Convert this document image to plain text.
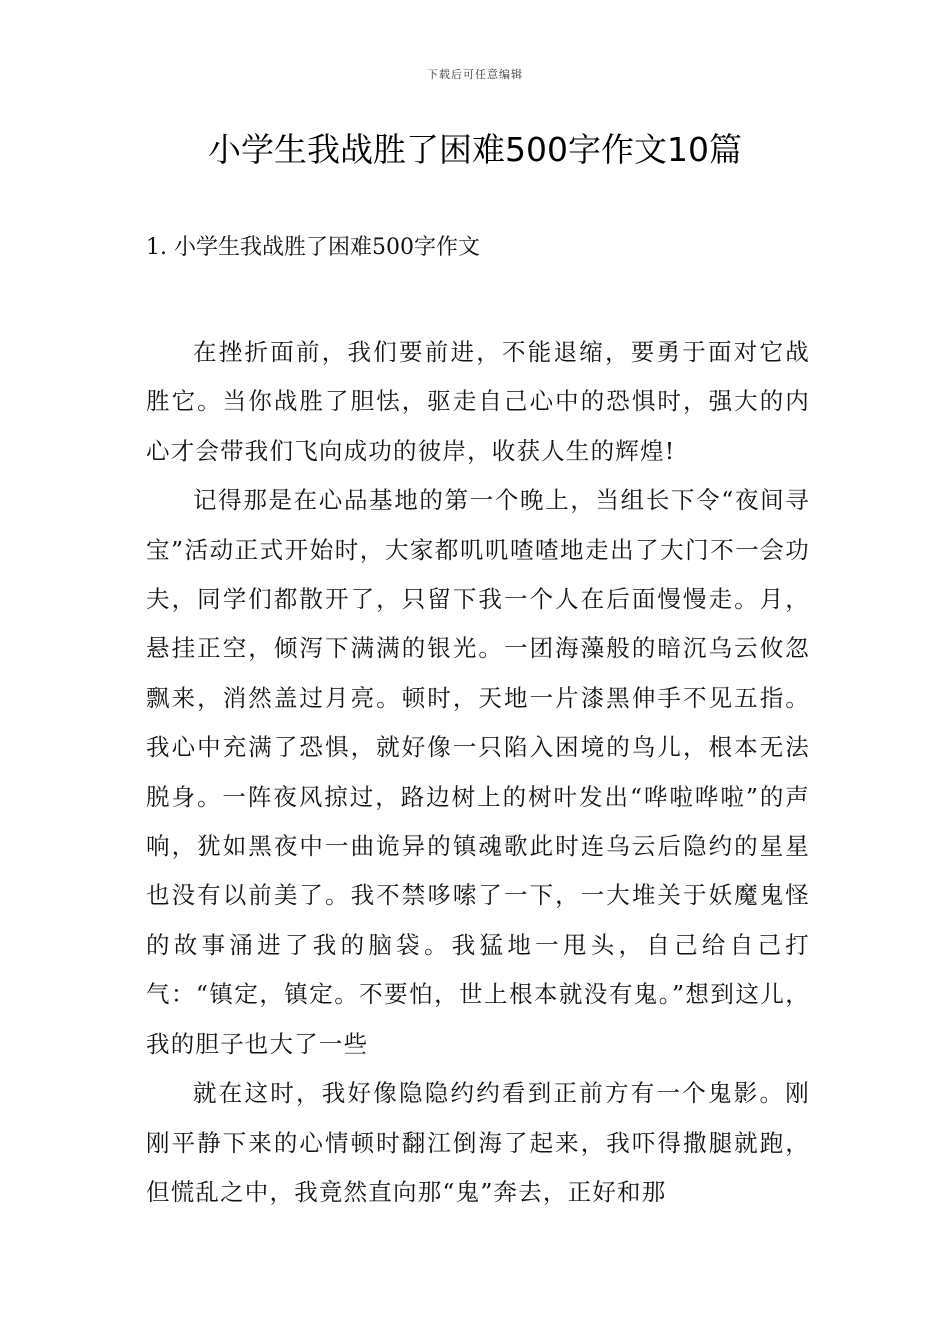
下载后可任意编辑
小学生我战胜了困难500字作文10篇
1. 小学生我战胜了困难500字作文

在挫折面前，我们要前进，不能退缩，要勇于面对它战胜它。当你战胜了胆怯，驱走自己心中的恐惧时，强大的内心才会带我们飞向成功的彼岸，收获人生的辉煌!

记得那是在心品基地的第一个晚上，当组长下令“夜间寻宝”活动正式开始时，大家都叽叽喳喳地走出了大门不一会功夫，同学们都散开了，只留下我一个人在后面慢慢走。月，悬挂正空，倾泻下满满的银光。一团海藻般的暗沉乌云攸忽飘来，消然盖过月亮。顿时，天地一片漆黑伸手不见五指。我心中充满了恐惧，就好像一只陷入困境的鸟儿，根本无法脱身。一阵夜风掠过，路边树上的树叶发出“哗啦哗啦”的声响，犹如黑夜中一曲诡异的镇魂歌此时连乌云后隐约的星星也没有以前美了。我不禁哆嗦了一下，一大堆关于妖魔鬼怪的故事涌进了我的脑袋。我猛地一甩头，自己给自己打气：“镇定，镇定。不要怕，世上根本就没有鬼。”想到这儿，我的胆子也大了一些

就在这时，我好像隐隐约约看到正前方有一个鬼影。刚刚平静下来的心情顿时翻江倒海了起来，我吓得撒腿就跑，但慌乱之中，我竟然直向那“鬼”奔去，正好和那
